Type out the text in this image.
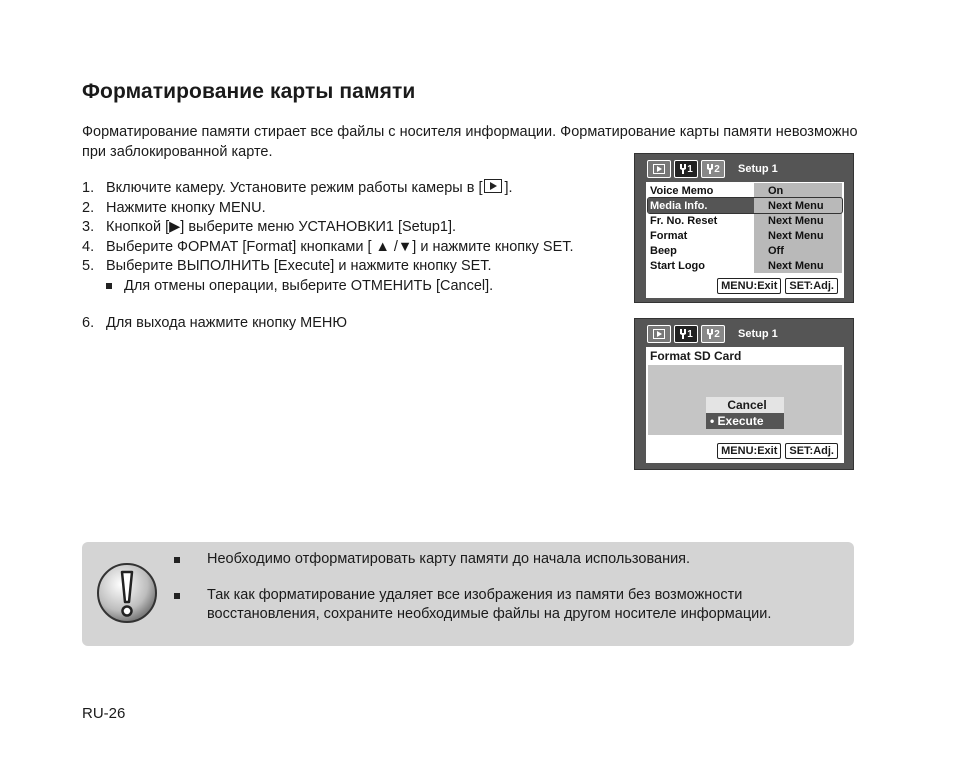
Форматирование карты памяти
Форматирование памяти стирает все файлы с носителя информации. Форматирование карты памяти невозможно при заблокированной карте.
1. Включите камеру. Установите режим работы камеры в [ ].
2. Нажмите кнопку MENU.
3. Кнопкой [ ▶ ] выберите меню УСТАНОВКИ1 [Setup1].
4. Выберите ФОРМАТ [Format] кнопками [ ▲ /▼] и нажмите кнопку SET.
5. Выберите ВЫПОЛНИТЬ [Execute] и нажмите кнопку SET.
Для отмены операции, выберите ОТМЕНИТЬ [Cancel].
6. Для выхода нажмите кнопку МЕНЮ
1 2 Setup 1
Voice Memo	On
Media Info.	Next Menu
Fr. No. Reset	Next Menu
Format	Next Menu
Beep	Off
Start Logo	Next Menu
MENU:Exit	SET:Adj.
1 2 Setup 1
Format SD Card
Cancel
• Execute
MENU:Exit	SET:Adj.
Необходимо отформатировать карту памяти до начала использования.
Так как форматирование удаляет все изображения из памяти без возможности восстановления, сохраните необходимые файлы на другом носителе информации.
RU-26
